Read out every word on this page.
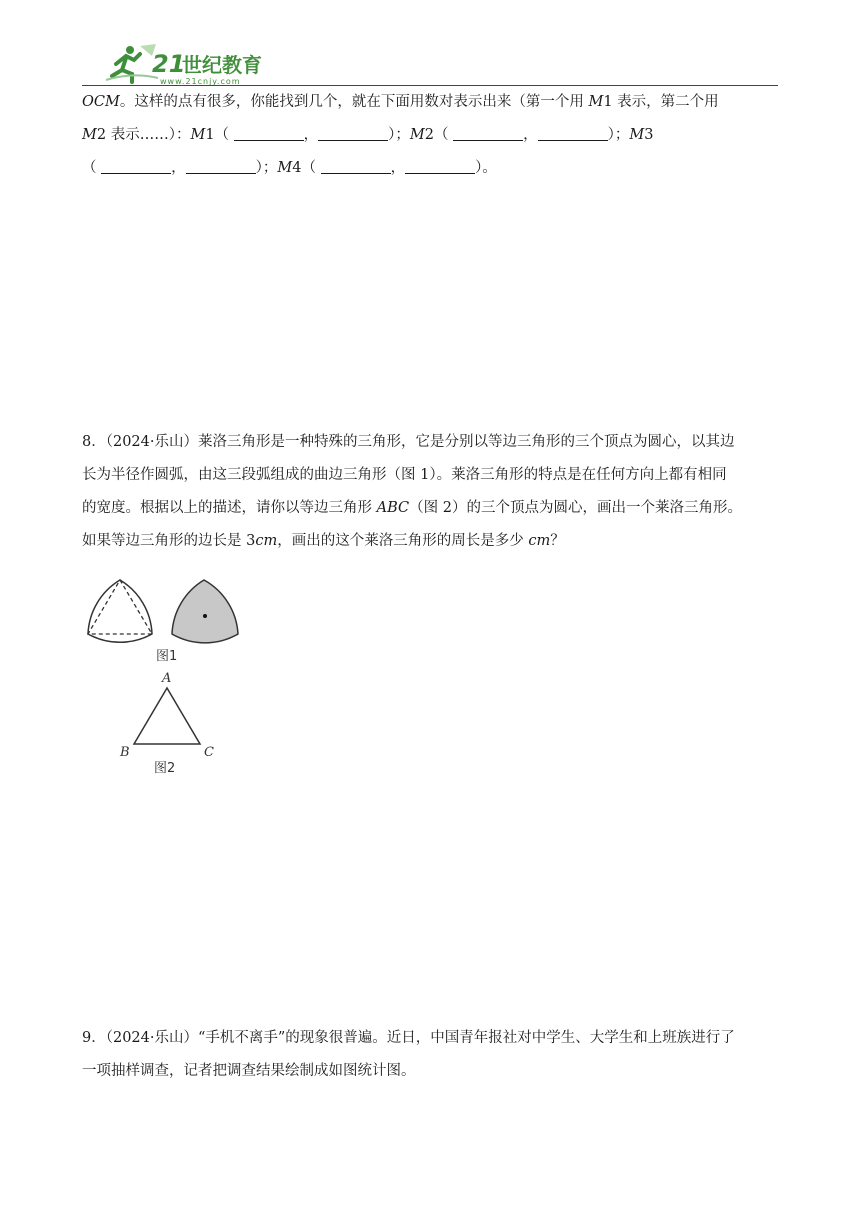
21
世纪教育
www.21cnjy.com

OCM。这样的点有很多，你能找到几个，就在下面用数对表示出来（第一个用 M1 表示，第二个用
M2 表示……）：M1（	，	）；M2（	，	）；M3
（	，	）；M4（	，	）。

8．（2024·乐山）莱洛三角形是一种特殊的三角形，它是分别以等边三角形的三个顶点为圆心，以其边
长为半径作圆弧，由这三段弧组成的曲边三角形（图 1）。莱洛三角形的特点是在任何方向上都有相同
的宽度。根据以上的描述，请你以等边三角形 ABC（图 2）的三个顶点为圆心，画出一个莱洛三角形。
如果等边三角形的边长是 3cm，画出的这个莱洛三角形的周长是多少 cm？

图1
A
B	C
图2

9．（2024·乐山）“手机不离手”的现象很普遍。近日，中国青年报社对中学生、大学生和上班族进行了
一项抽样调查，记者把调查结果绘制成如图统计图。
